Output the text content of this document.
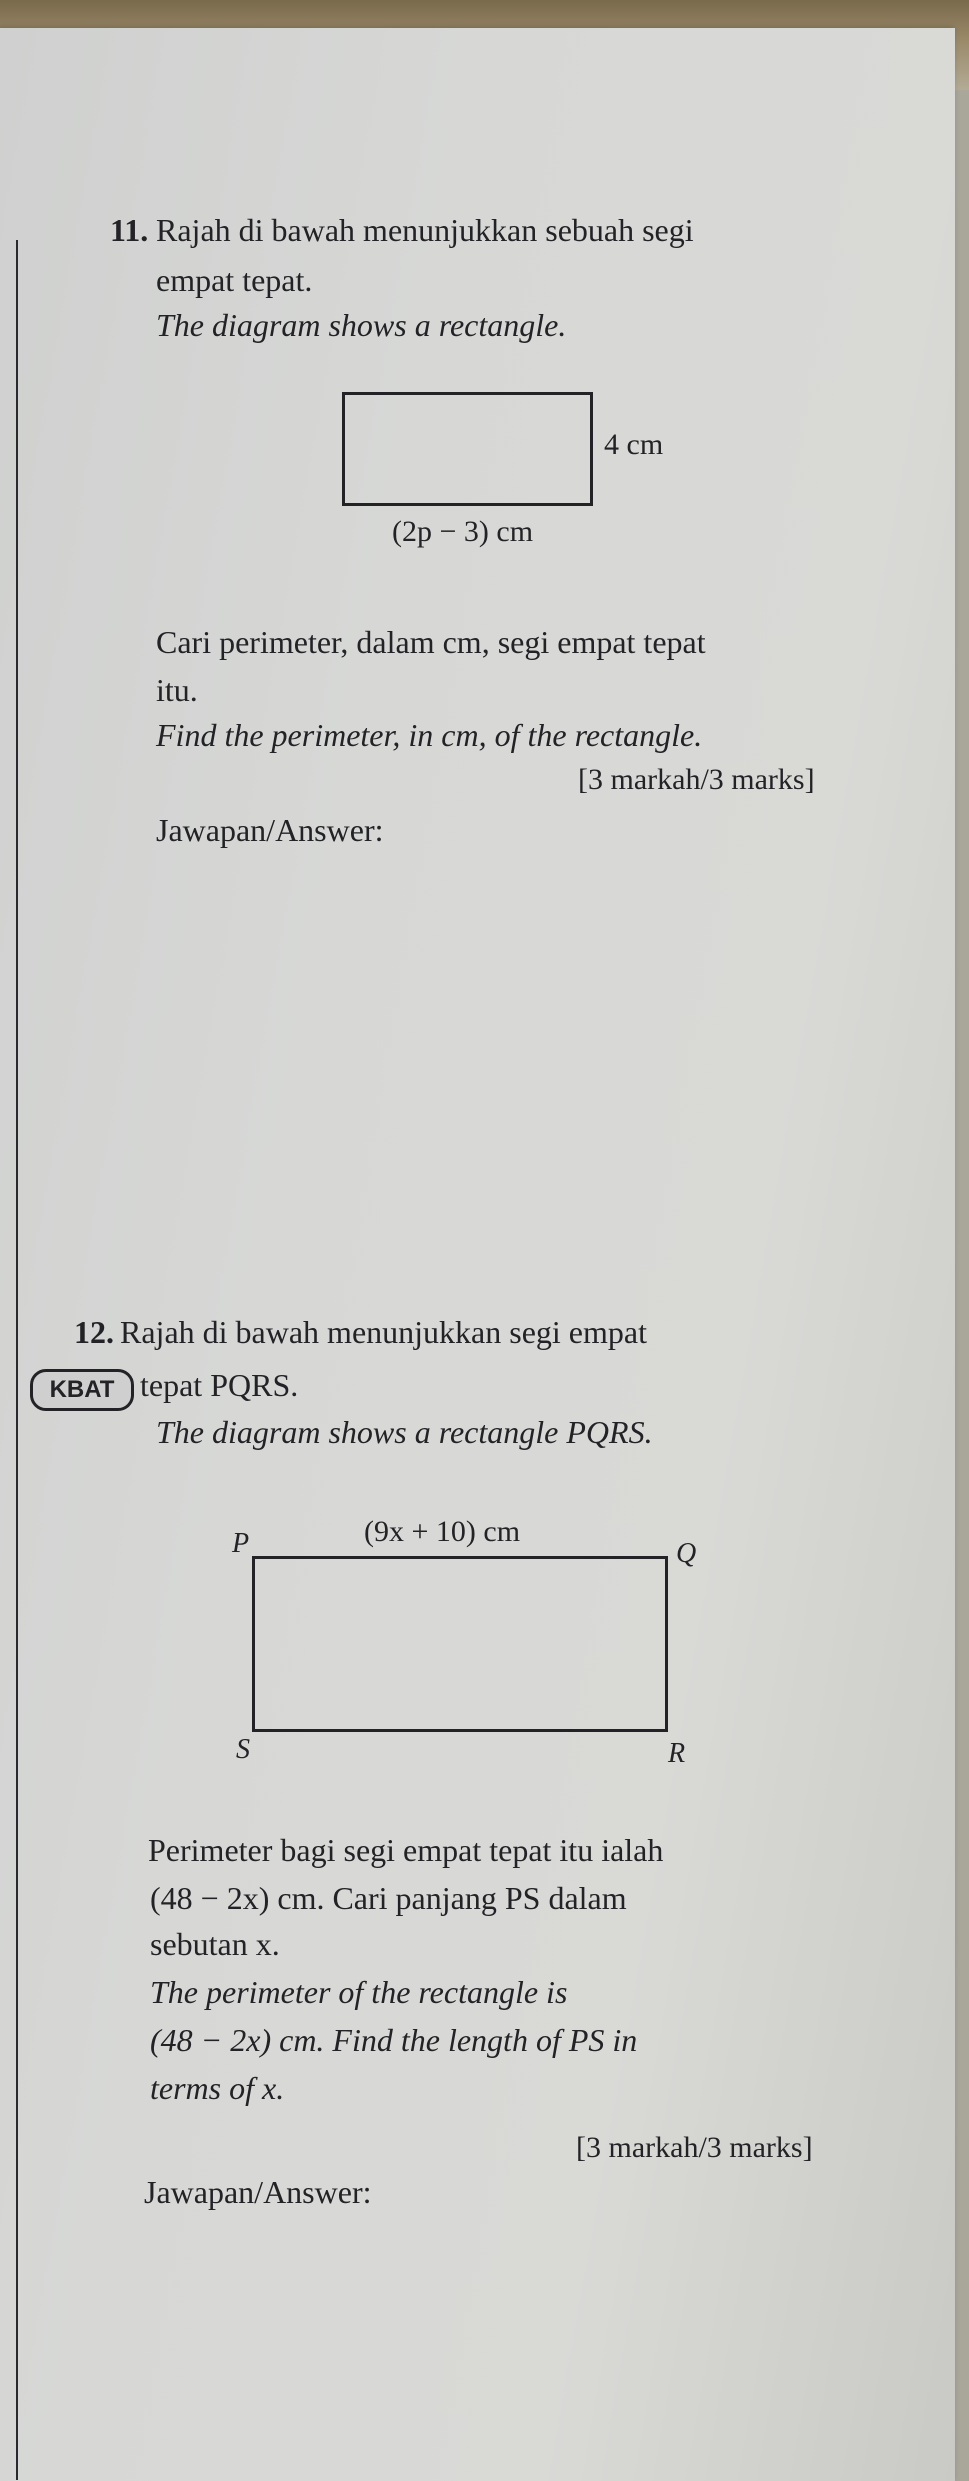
11. Rajah di bawah menunjukkan sebuah segi
empat tepat.
The diagram shows a rectangle.
4 cm
(2p − 3) cm
Cari perimeter, dalam cm, segi empat tepat
itu.
Find the perimeter, in cm, of the rectangle.
[3 markah/3 marks]
Jawapan/Answer:
12. Rajah di bawah menunjukkan segi empat
KBAT tepat PQRS.
The diagram shows a rectangle PQRS.
(9x + 10) cm
P	Q
S	R
Perimeter bagi segi empat tepat itu ialah
(48 − 2x) cm. Cari panjang PS dalam
sebutan x.
The perimeter of the rectangle is
(48 − 2x) cm. Find the length of PS in
terms of x.
[3 markah/3 marks]
Jawapan/Answer:
